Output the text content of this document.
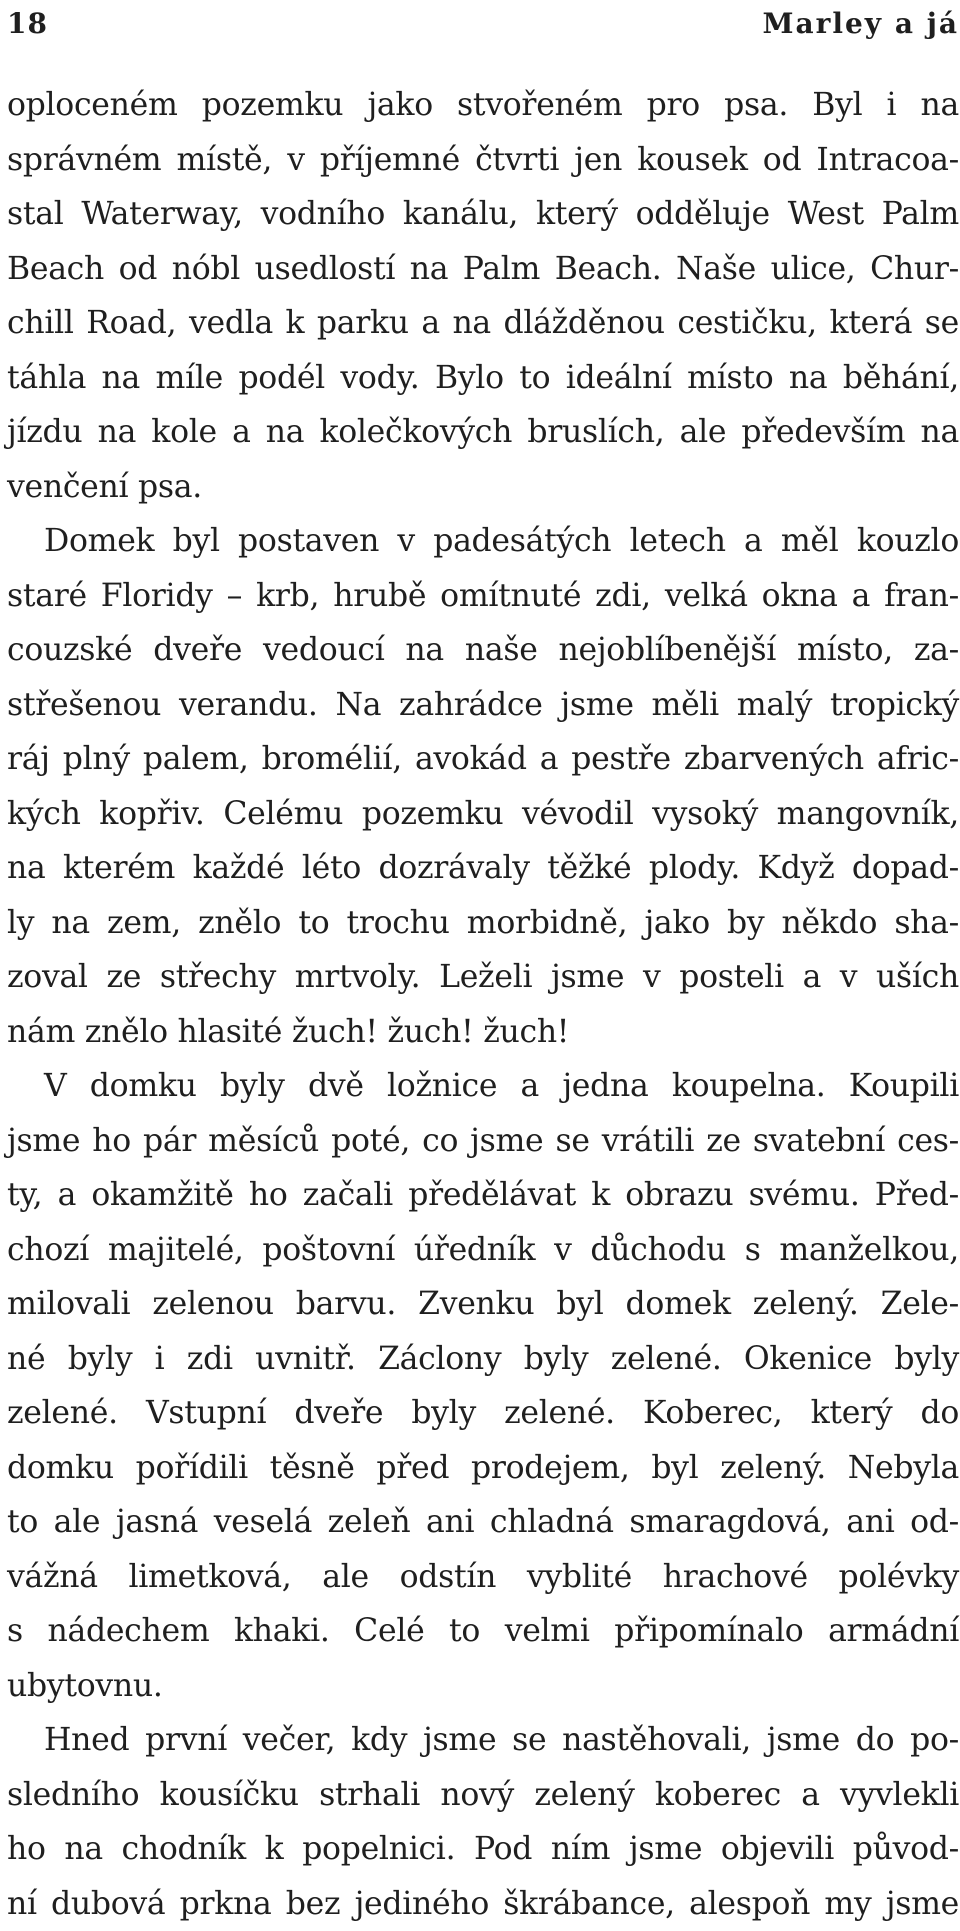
18	Marley a já
oploceném pozemku jako stvořeném pro psa. Byl i na
správném místě, v příjemné čtvrti jen kousek od Intracoa-
stal Waterway, vodního kanálu, který odděluje West Palm
Beach od nóbl usedlostí na Palm Beach. Naše ulice, Chur-
chill Road, vedla k parku a na dlážděnou cestičku, která se
táhla na míle podél vody. Bylo to ideální místo na běhání,
jízdu na kole a na kolečkových bruslích, ale především na
venčení psa.
Domek byl postaven v padesátých letech a měl kouzlo
staré Floridy – krb, hrubě omítnuté zdi, velká okna a fran-
couzské dveře vedoucí na naše nejoblíbenější místo, za-
střešenou verandu. Na zahrádce jsme měli malý tropický
ráj plný palem, bromélií, avokád a pestře zbarvených afric-
kých kopřiv. Celému pozemku vévodil vysoký mangovník,
na kterém každé léto dozrávaly těžké plody. Když dopad-
ly na zem, znělo to trochu morbidně, jako by někdo sha-
zoval ze střechy mrtvoly. Leželi jsme v posteli a v uších
nám znělo hlasité žuch! žuch! žuch!
V domku byly dvě ložnice a jedna koupelna. Koupili
jsme ho pár měsíců poté, co jsme se vrátili ze svatební ces-
ty, a okamžitě ho začali předělávat k obrazu svému. Před-
chozí majitelé, poštovní úředník v důchodu s manželkou,
milovali zelenou barvu. Zvenku byl domek zelený. Zele-
né byly i zdi uvnitř. Záclony byly zelené. Okenice byly
zelené. Vstupní dveře byly zelené. Koberec, který do
domku pořídili těsně před prodejem, byl zelený. Nebyla
to ale jasná veselá zeleň ani chladná smaragdová, ani od-
vážná limetková, ale odstín vyblité hrachové polévky
s nádechem khaki. Celé to velmi připomínalo armádní
ubytovnu.
Hned první večer, kdy jsme se nastěhovali, jsme do po-
sledního kousíčku strhali nový zelený koberec a vyvlekli
ho na chodník k popelnici. Pod ním jsme objevili původ-
ní dubová prkna bez jediného škrábance, alespoň my jsme
